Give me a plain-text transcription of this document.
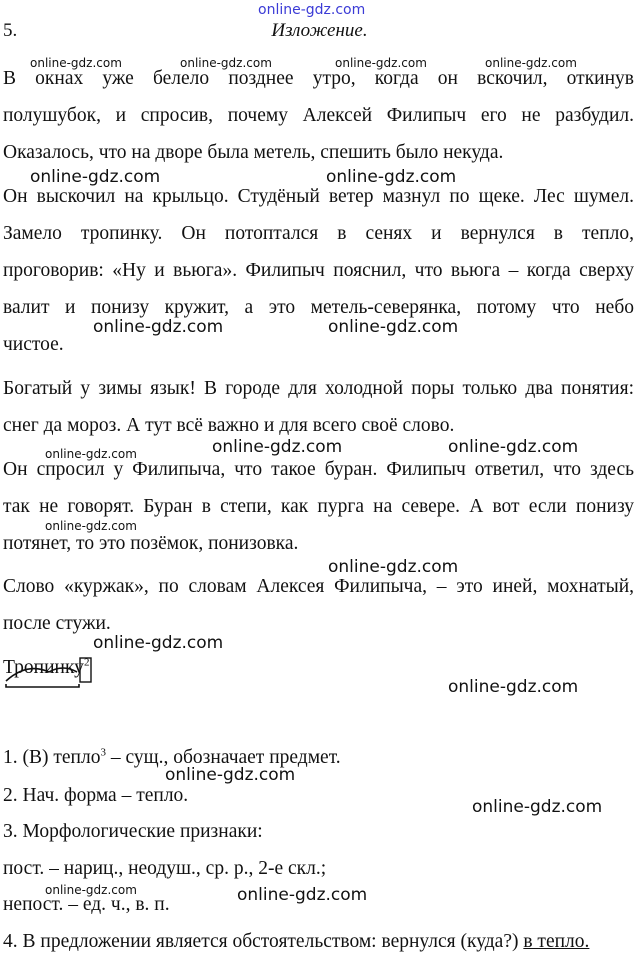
online-gdz.com
5.	Изложение.
В окнах уже белело позднее утро, когда он вскочил, откинув
полушубок, и спросив, почему Алексей Филипыч его не разбудил.
Оказалось, что на дворе была метель, спешить было некуда.
Он выскочил на крыльцо. Студёный ветер мазнул по щеке. Лес шумел.
Замело тропинку. Он потоптался в сенях и вернулся в тепло,
проговорив: «Ну и вьюга». Филипыч пояснил, что вьюга – когда сверху
валит и понизу кружит, а это метель-северянка, потому что небо
чистое.
Богатый у зимы язык! В городе для холодной поры только два понятия:
снег да мороз. А тут всё важно и для всего своё слово.
Он спросил у Филипыча, что такое буран. Филипыч ответил, что здесь
так не говорят. Буран в степи, как пурга на севере. А вот если понизу
потянет, то это позёмок, понизовка.
Слово «куржак», по словам Алексея Филипыча, – это иней, мохнатый,
после стужи.
Тропинку$^2$
1. (В) тепло$^3$ – сущ., обозначает предмет.
2. Нач. форма – тепло.
3. Морфологические признаки:
пост. – нариц., неодуш., ср. р., 2-е скл.;
непост. – ед. ч., в. п.
4. В предложении является обстоятельством: вернулся (куда?) в тепло.
online-gdz.com	online-gdz.com	online-gdz.com	online-gdz.com
online-gdz.com	online-gdz.com
online-gdz.com	online-gdz.com
online-gdz.com	online-gdz.com	online-gdz.com
online-gdz.com
online-gdz.com
online-gdz.com
online-gdz.com
online-gdz.com
online-gdz.com
online-gdz.com	online-gdz.com
